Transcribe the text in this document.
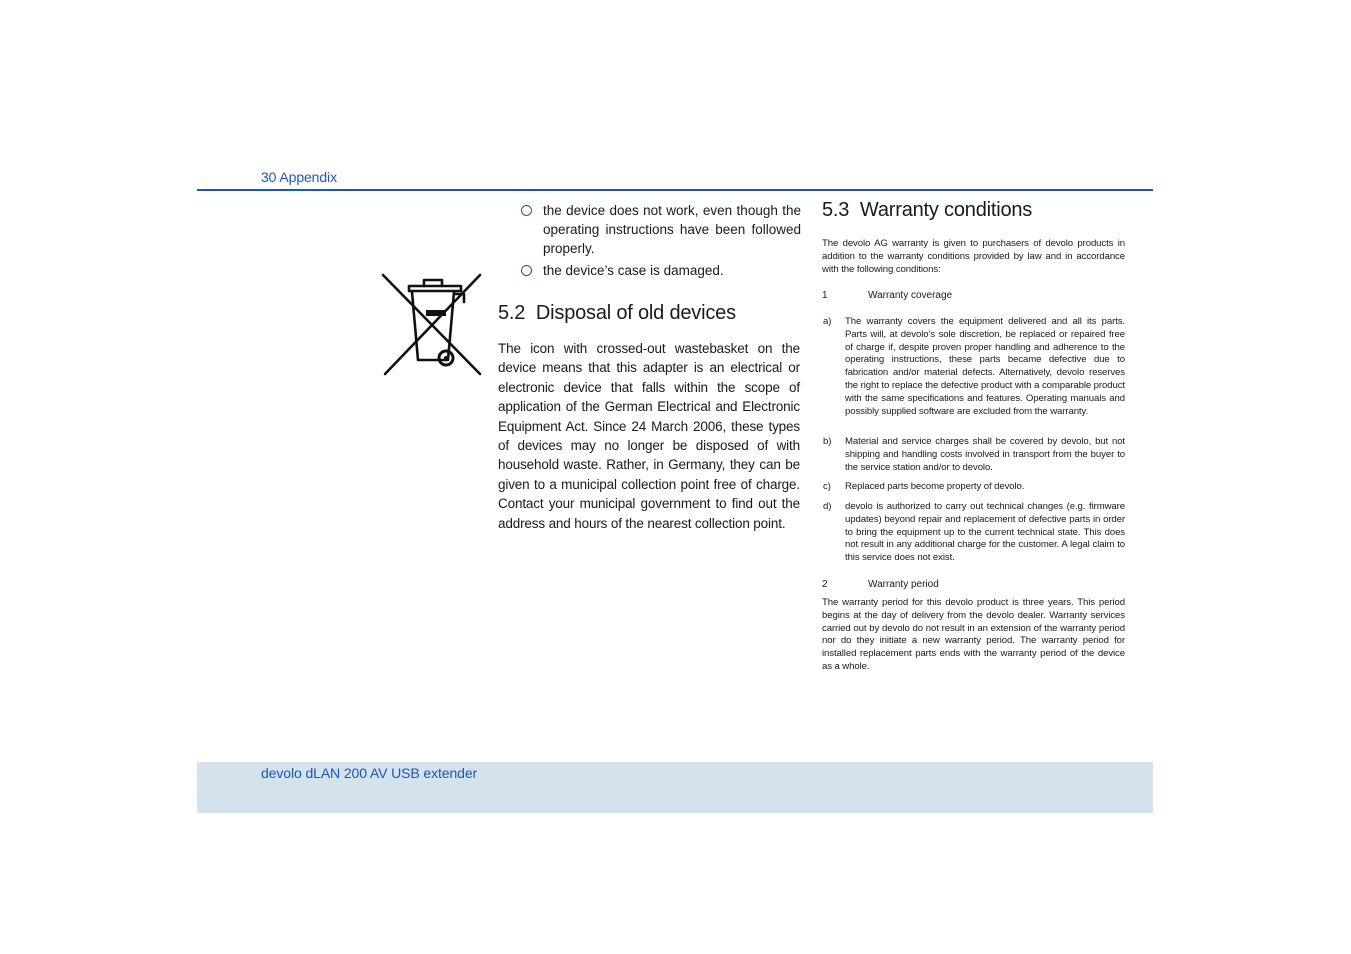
30 Appendix
the device does not work, even though the operating instructions have been followed properly.
the device’s case is damaged.
5.2  Disposal of old devices

The icon with crossed-out wastebasket on the device means that this adapter is an electrical or electronic device that falls within the scope of application of the German Electrical and Electronic Equipment Act. Since 24 March 2006, these types of devices may no longer be disposed of with household waste. Rather, in Germany, they can be given to a municipal collection point free of charge. Contact your municipal government to find out the address and hours of the nearest collection point.

5.3  Warranty conditions

The devolo AG warranty is given to purchasers of devolo products in addition to the warranty conditions provided by law and in accordance with the following conditions:

1	Warranty coverage
a) The warranty covers the equipment delivered and all its parts. Parts will, at devolo’s sole discretion, be replaced or repaired free of charge if, despite proven proper handling and adherence to the operating instructions, these parts became defective due to fabrication and/or material defects. Alternatively, devolo reserves the right to replace the defective product with a comparable product with the same specifications and features. Operating manuals and possibly supplied software are excluded from the warranty.
b) Material and service charges shall be covered by devolo, but not shipping and handling costs involved in transport from the buyer to the service station and/or to devolo.
c) Replaced parts become property of devolo.
d) devolo is authorized to carry out technical changes (e.g. firmware updates) beyond repair and replacement of defective parts in order to bring the equipment up to the current technical state. This does not result in any additional charge for the customer. A legal claim to this service does not exist.
2	Warranty period

The warranty period for this devolo product is three years. This period begins at the day of delivery from the devolo dealer. Warranty services carried out by devolo do not result in an extension of the warranty period nor do they initiate a new warranty period. The warranty period for installed replacement parts ends with the warranty period of the device as a whole.

devolo dLAN 200 AV USB extender
